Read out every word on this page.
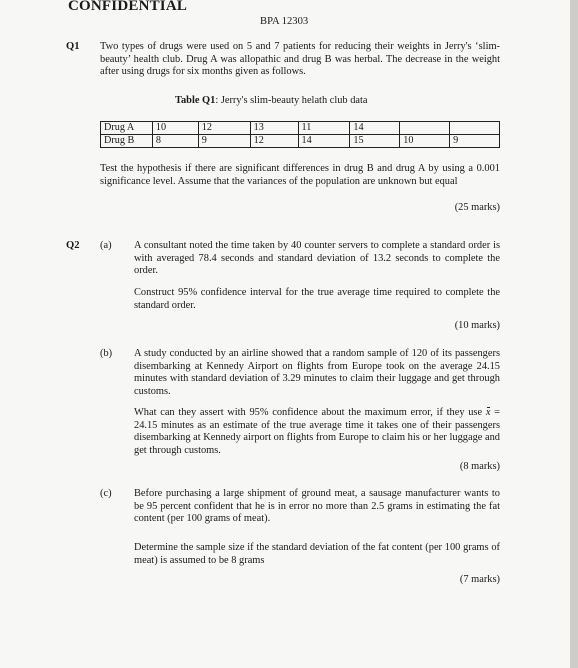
CONFIDENTIAL
BPA 12303
Q1 Two types of drugs were used on 5 and 7 patients for reducing their weights in Jerry's ‘slim-beauty’ health club. Drug A was allopathic and drug B was herbal. The decrease in the weight after using drugs for six months given as follows.
Table Q1: Jerry's slim-beauty helath club data
Drug A	10	12	13	11	14		
Drug B	8	9	12	14	15	10	9
Test the hypothesis if there are significant differences in drug B and drug A by using a 0.001 significance level. Assume that the variances of the population are unknown but equal
(25 marks)
Q2 (a) A consultant noted the time taken by 40 counter servers to complete a standard order is with averaged 78.4 seconds and standard deviation of 13.2 seconds to complete the order.
Construct 95% confidence interval for the true average time required to complete the standard order.
(10 marks)
(b) A study conducted by an airline showed that a random sample of 120 of its passengers disembarking at Kennedy Airport on flights from Europe took on the average 24.15 minutes with standard deviation of 3.29 minutes to claim their luggage and get through customs.
What can they assert with 95% confidence about the maximum error, if they use x = 24.15 minutes as an estimate of the true average time it takes one of their passengers disembarking at Kennedy airport on flights from Europe to claim his or her luggage and get through customs.
(8 marks)
(c) Before purchasing a large shipment of ground meat, a sausage manufacturer wants to be 95 percent confident that he is in error no more than 2.5 grams in estimating the fat content (per 100 grams of meat).
Determine the sample size if the standard deviation of the fat content (per 100 grams of meat) is assumed to be 8 grams
(7 marks)
